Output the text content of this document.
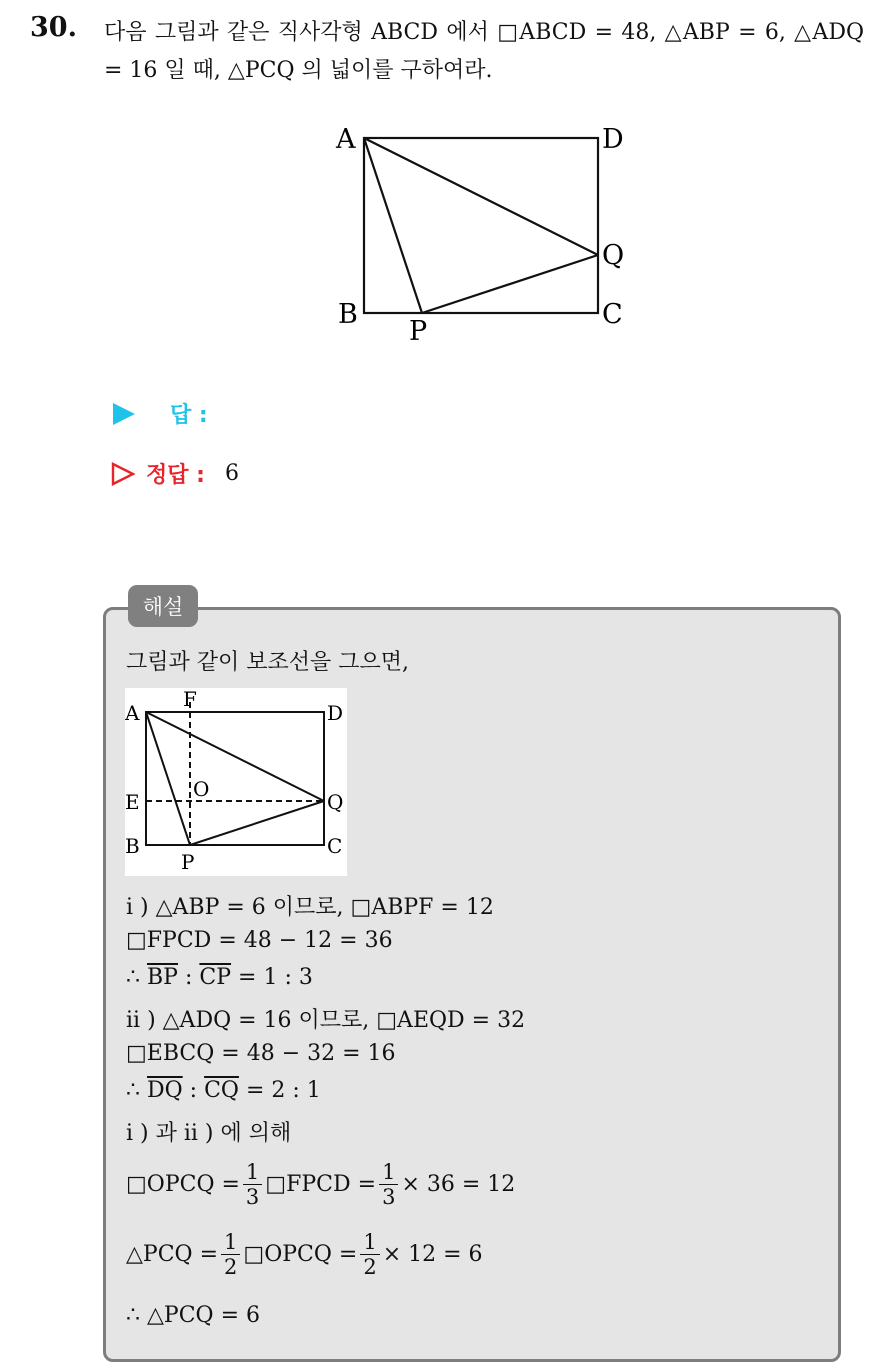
30. 다음 그림과 같은 직사각형 ABCD 에서 □ABCD = 48, △ABP = 6, △ADQ = 16 일 때, △PCQ 의 넓이를 구하여라.
A	D
Q
B	C
P
답 :
정답 : 6
해설
그림과 같이 보조선을 그으면,
A
F
D
O
E	Q
B	C
P
i ) △ABP = 6 이므로, □ABPF = 12
□FPCD = 48 − 12 = 36
∴ $\overline{BP}$ : $\overline{CP} = 1$ : 3
ii ) △ADQ = 16 이므로, □AEQD = 32
□EBCQ = 48 − 32 = 16
∴ $\overline{DQ}$ : $\overline{CQ} = 2$ : 1
i ) 과 ii ) 에 의해
□OPCQ = $\frac{1}{3}$ □FPCD = $\frac{1}{3} \times 36 = 12$
△PCQ = $\frac{1}{2}$ □OPCQ = $\frac{1}{2} \times 12 = 6$
∴ △PCQ = 6
